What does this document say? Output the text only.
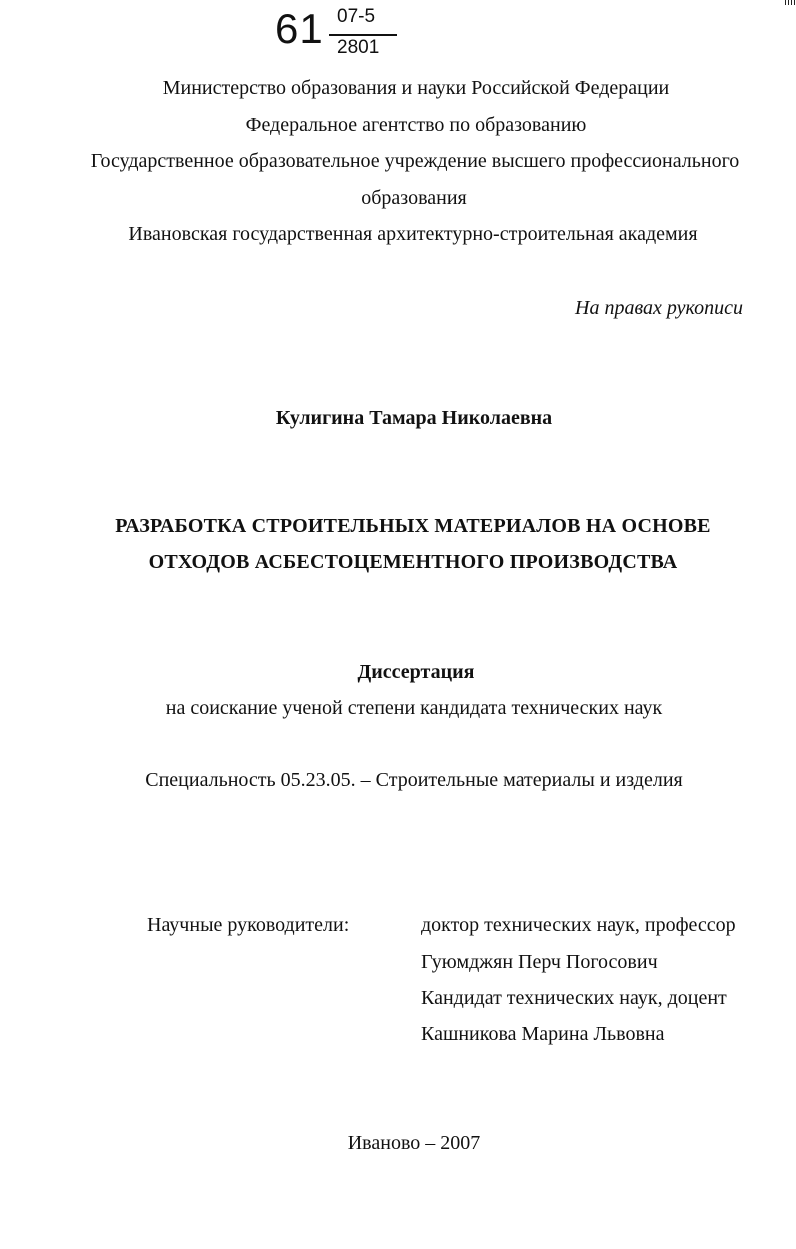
61 07-5
2801
Министерство образования и науки Российской Федерации
Федеральное агентство по образованию
Государственное образовательное учреждение высшего профессионального
образования
Ивановская государственная архитектурно-строительная академия
На правах рукописи
Кулигина Тамара Николаевна
РАЗРАБОТКА СТРОИТЕЛЬНЫХ МАТЕРИАЛОВ НА ОСНОВЕ
ОТХОДОВ АСБЕСТОЦЕМЕНТНОГО ПРОИЗВОДСТВА
Диссертация
на соискание ученой степени кандидата технических наук
Специальность 05.23.05. – Строительные материалы и изделия
Научные руководители:	доктор технических наук, профессор
Гуюмджян Перч Погосович
Кандидат технических наук, доцент
Кашникова Марина Львовна
Иваново – 2007
